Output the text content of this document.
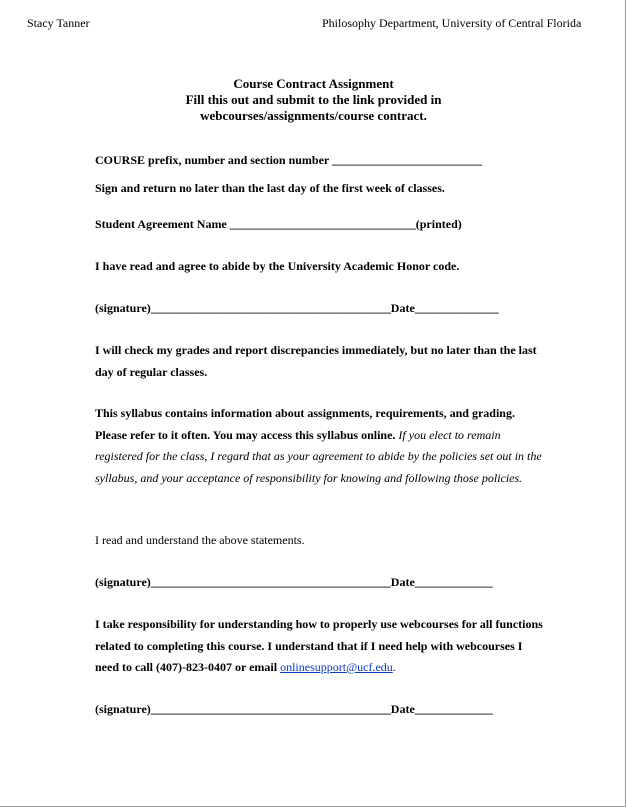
Stacy Tanner	Philosophy Department, University of Central Florida
Course Contract Assignment
Fill this out and submit to the link provided in
webcourses/assignments/course contract.
COURSE prefix, number and section number _________________________
Sign and return no later than the last day of the first week of classes.
Student Agreement Name _______________________________(printed)
I have read and agree to abide by the University Academic Honor code.
(signature)________________________________________Date______________
I will check my grades and report discrepancies immediately, but no later than the last day of regular classes.
This syllabus contains information about assignments, requirements, and grading. Please refer to it often. You may access this syllabus online. If you elect to remain registered for the class, I regard that as your agreement to abide by the policies set out in the syllabus, and your acceptance of responsibility for knowing and following those policies.
I read and understand the above statements.
(signature)________________________________________Date_____________
I take responsibility for understanding how to properly use webcourses for all functions related to completing this course. I understand that if I need help with webcourses I need to call (407)-823-0407 or email onlinesupport@ucf.edu.
(signature)________________________________________Date_____________
